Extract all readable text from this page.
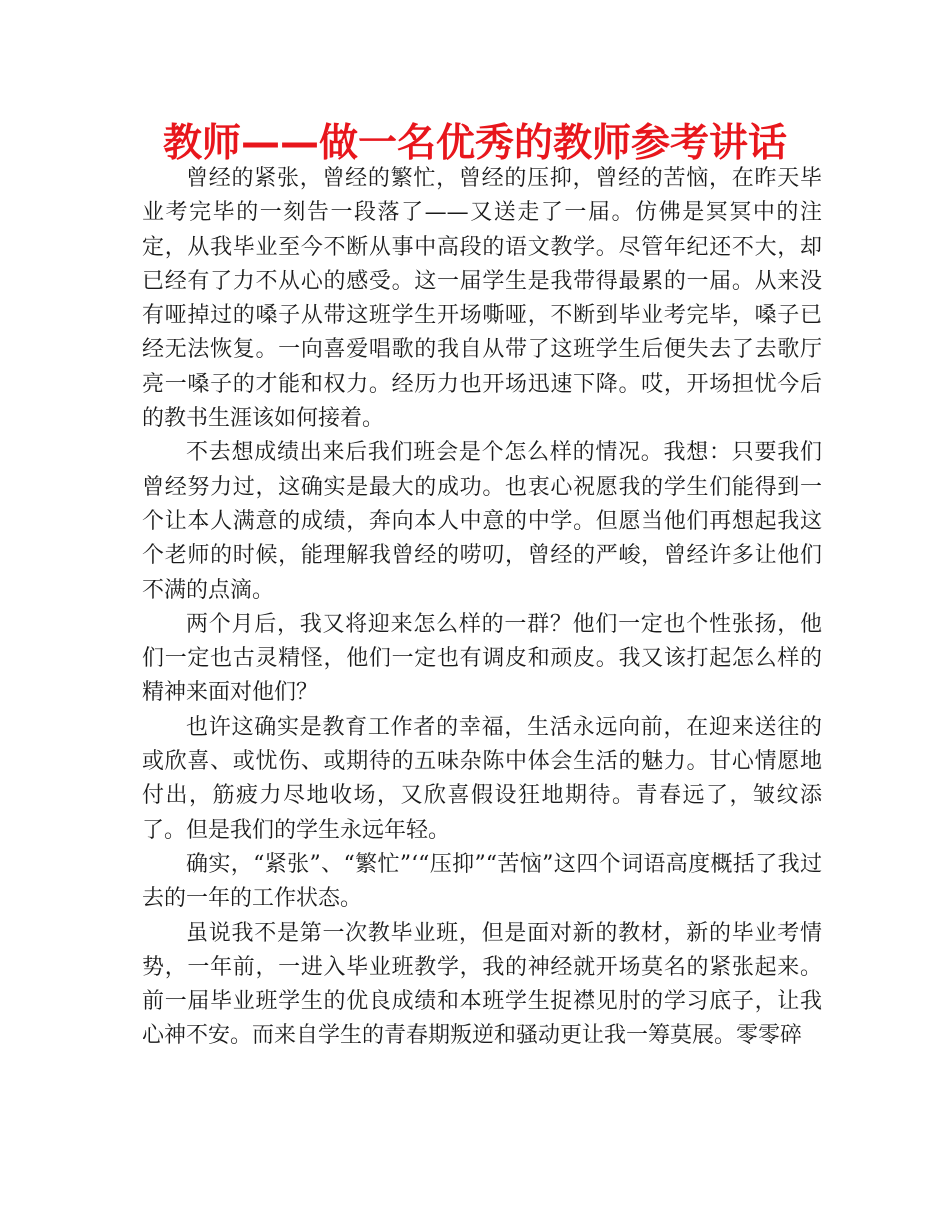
教师——做一名优秀的教师参考讲话

曾经的紧张，曾经的繁忙，曾经的压抑，曾经的苦恼，在昨天毕业考完毕的一刻告一段落了——又送走了一届。仿佛是冥冥中的注定，从我毕业至今不断从事中高段的语文教学。尽管年纪还不大，却已经有了力不从心的感受。这一届学生是我带得最累的一届。从来没有哑掉过的嗓子从带这班学生开场嘶哑，不断到毕业考完毕，嗓子已经无法恢复。一向喜爱唱歌的我自从带了这班学生后便失去了去歌厅亮一嗓子的才能和权力。经历力也开场迅速下降。哎，开场担忧今后的教书生涯该如何接着。

不去想成绩出来后我们班会是个怎么样的情况。我想：只要我们曾经努力过，这确实是最大的成功。也衷心祝愿我的学生们能得到一个让本人满意的成绩，奔向本人中意的中学。但愿当他们再想起我这个老师的时候，能理解我曾经的唠叨，曾经的严峻，曾经许多让他们不满的点滴。

两个月后，我又将迎来怎么样的一群？他们一定也个性张扬，他们一定也古灵精怪，他们一定也有调皮和顽皮。我又该打起怎么样的精神来面对他们？

也许这确实是教育工作者的幸福，生活永远向前，在迎来送往的或欣喜、或忧伤、或期待的五味杂陈中体会生活的魅力。甘心情愿地付出，筋疲力尽地收场，又欣喜假设狂地期待。青春远了，皱纹添了。但是我们的学生永远年轻。

确实，“紧张”、“繁忙”‘“压抑”“苦恼”这四个词语高度概括了我过去的一年的工作状态。

虽说我不是第一次教毕业班，但是面对新的教材，新的毕业考情势，一年前，一进入毕业班教学，我的神经就开场莫名的紧张起来。前一届毕业班学生的优良成绩和本班学生捉襟见肘的学习底子，让我心神不安。而来自学生的青春期叛逆和骚动更让我一筹莫展。零零碎
